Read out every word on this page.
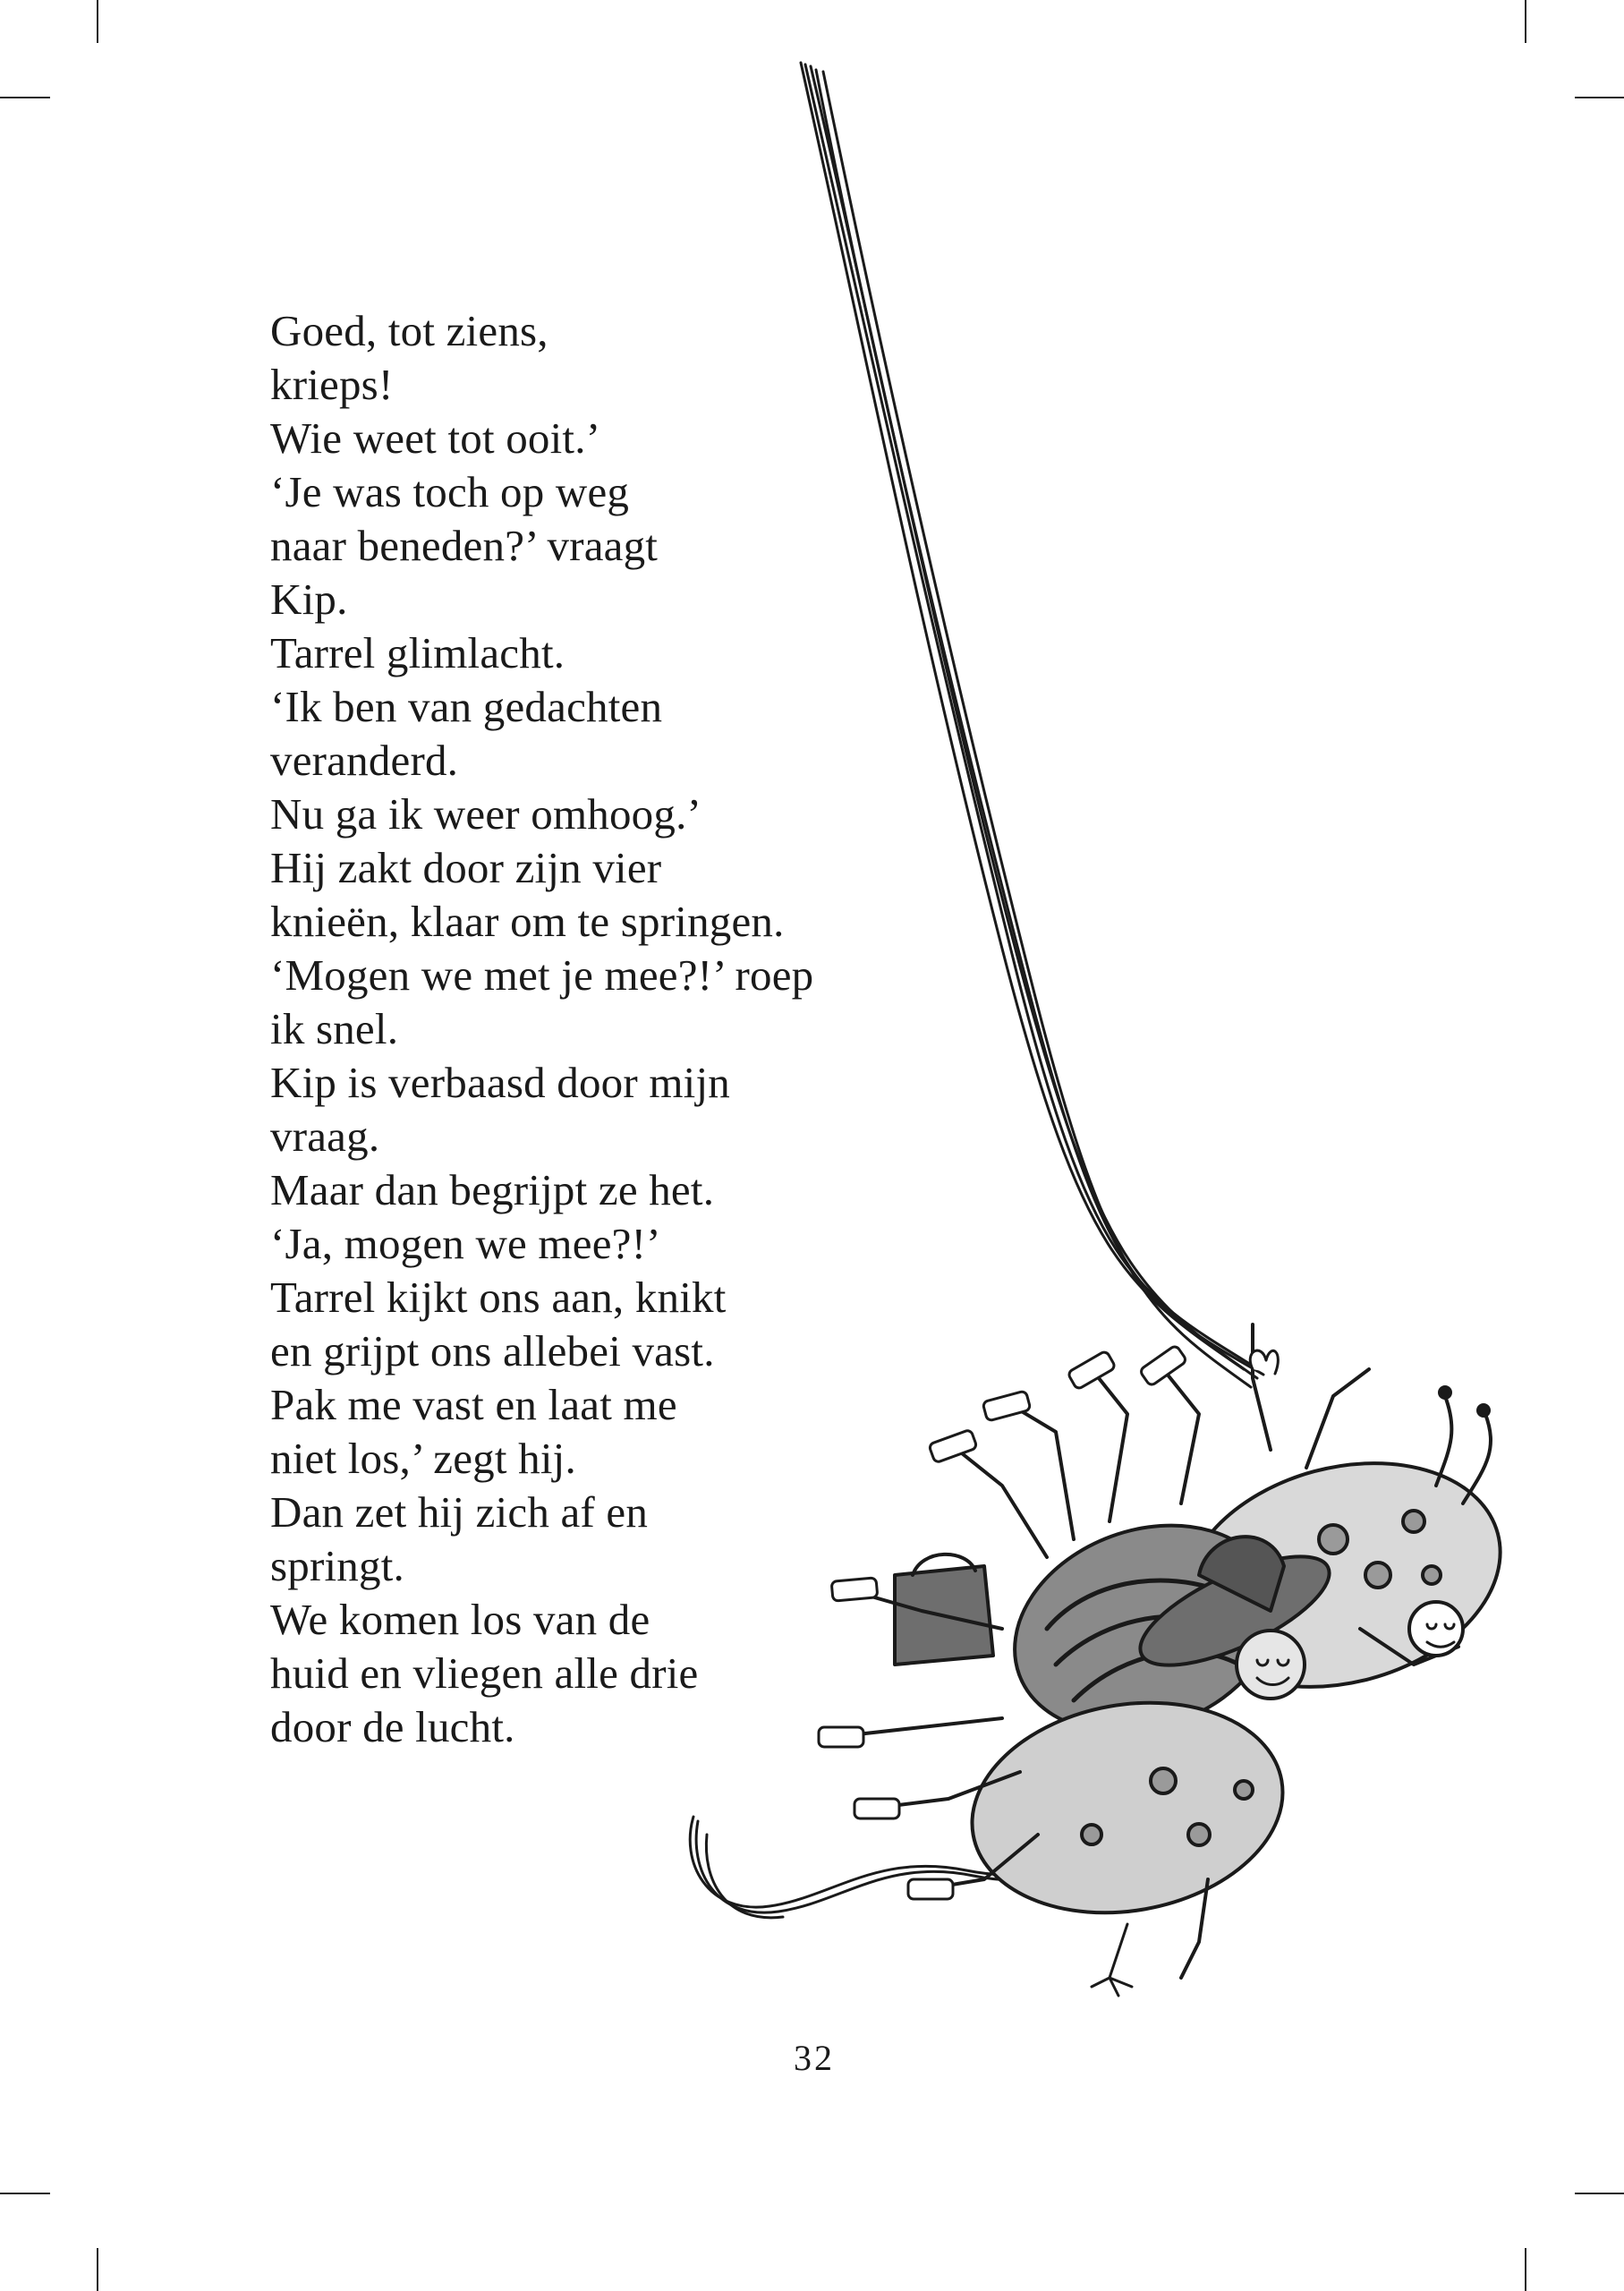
Goed, tot ziens,
krieps!
Wie weet tot ooit.’
‘Je was toch op weg
naar beneden?’ vraagt
Kip.
Tarrel glimlacht.
‘Ik ben van gedachten
veranderd.
Nu ga ik weer omhoog.’
Hij zakt door zijn vier
knieën, klaar om te springen.
‘Mogen we met je mee?!’ roep
ik snel.
Kip is verbaasd door mijn
vraag.
Maar dan begrijpt ze het.
‘Ja, mogen we mee?!’
Tarrel kijkt ons aan, knikt
en grijpt ons allebei vast.
Pak me vast en laat me
niet los,’ zegt hij.
Dan zet hij zich af en
springt.
We komen los van de
huid en vliegen alle drie
door de lucht.
32
